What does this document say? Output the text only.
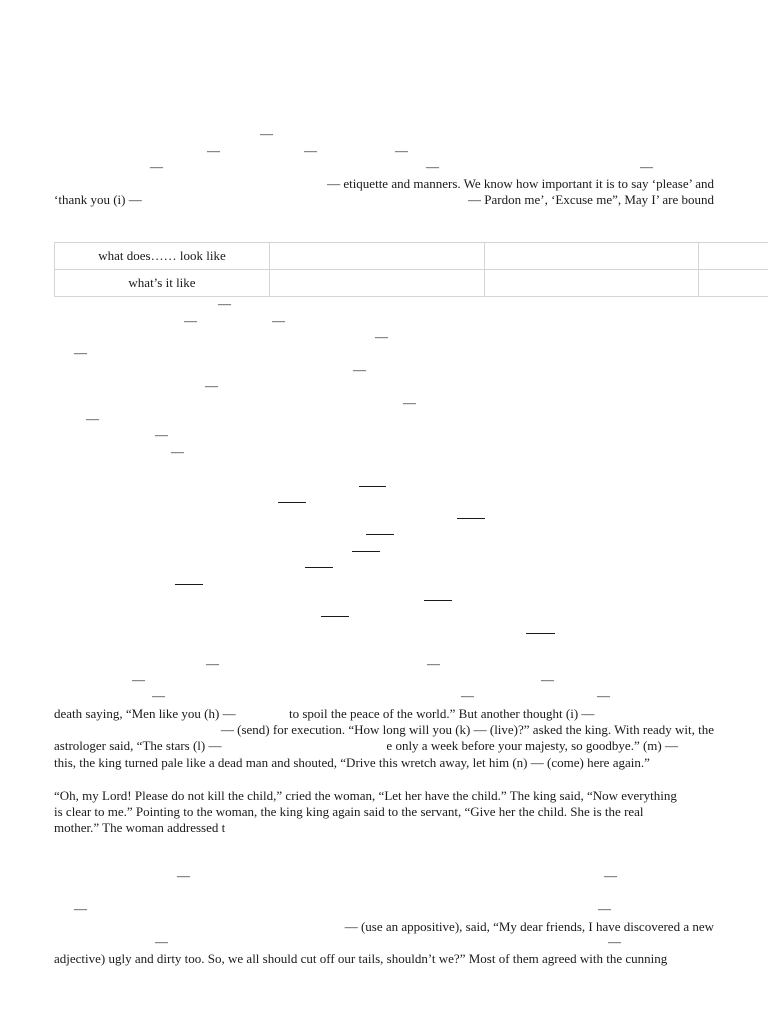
—
—	—	—
—	—	—
— etiquette and manners. We know how important it is to say ‘please’ and
‘thank you (i) —	— Pardon me’, ‘Excuse me”, May I’ are bound
what does…… look like			
what’s it like			
—
—	—
—
—
—
—
—
—
—
—
—	—
—	—
—	—	—
death saying, “Men like you (h) —	to spoil the peace of the world.” But another thought (i) —
— (send) for execution. “How long will you (k) — (live)?” asked the king. With ready wit, the
astrologer said, “The stars (l) —	e only a week before your majesty, so goodbye.” (m) —
this, the king turned pale like a dead man and shouted, “Drive this wretch away, let him (n) — (come) here again.”
“Oh, my Lord! Please do not kill the child,” cried the woman, “Let her have the child.” The king said, “Now everything
is clear to me.” Pointing to the woman, the king king again said to the servant, “Give her the child. She is the real
mother.” The woman addressed t
—	—
—	—
— (use an appositive), said, “My dear friends, I have discovered a new
—	—
adjective) ugly and dirty too. So, we all should cut off our tails, shouldn’t we?” Most of them agreed with the cunning
